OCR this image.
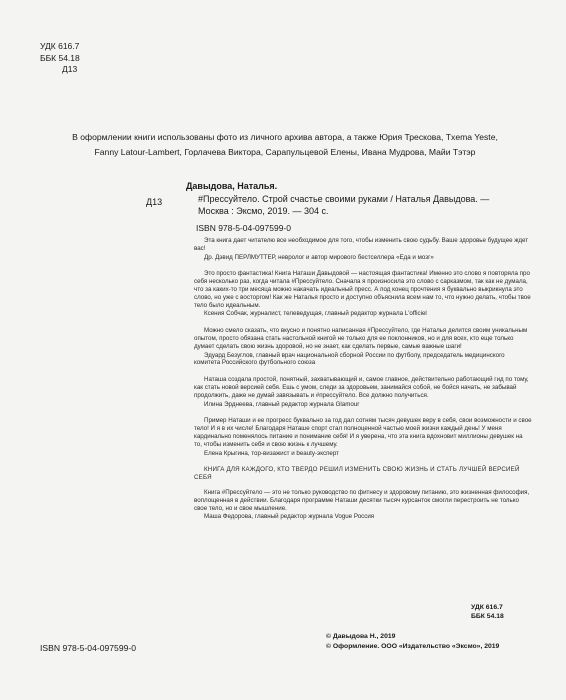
УДК 616.7
ББК 54.18
Д13
В оформлении книги использованы фото из личного архива автора, а также Юрия Трескова, Txema Yeste,
Fanny Latour-Lambert, Горлачева Виктора, Сарапульцевой Елены, Ивана Мудрова, Майи Тэтэр
Д13
Давыдова, Наталья.
#Прессуйтело. Строй счастье своими руками / Наталья Давыдова. —
Москва : Эксмо, 2019. — 304 с.
ISBN 978-5-04-097599-0
Эта книга дает читателю все необходимое для того, чтобы изменить свою судьбу. Ваше здоровье будущее ждет вас!
Др. Дэвид ПЕРЛМУТТЕР, невролог и автор мирового бестселлера «Еда и мозг»
Это просто фантастика! Книга Наташи Давыдовой — настоящая фантастика! Именно это слово я повторяла про себя несколько раз, когда читала #Прессуйтело. Сначала я произносила это слово с сарказмом, так как не думала, что за каких-то три месяца можно накачать идеальный пресс. А под конец прочтения я буквально выкрикнула это слово, но уже с восторгом! Как же Наталья просто и доступно объяснила всем нам то, что нужно делать, чтобы твое тело было идеальным.
Ксения Собчак, журналист, телеведущая, главный редактор журнала L'officiel
Можно смело сказать, что вкусно и понятно написанная #Прессуйтело, где Наталья делится своим уникальным опытом, просто обязана стать настольной книгой не только для ее поклонников, но и для всех, кто еще только думает сделать свою жизнь здоровой, но не знает, как сделать первые, самые важные шаги!
Эдуард Безуглов, главный врач национальной сборной России по футболу, председатель медицинского комитета Российского футбольного союза
Наташа создала простой, понятный, захватывающий и, самое главное, действительно работающий гид по тому, как стать новой версией себя. Ешь с умом, следи за здоровьем, занимайся собой, не бойся начать, не забывай продолжить, даже не думай завязывать и #прессуйтело. Все должно получиться.
Илина Эрднеева, главный редактор журнала Glamour
Пример Наташи и ее прогресс буквально за год дал сотням тысяч девушек веру в себя, свои возможности и свое тело! И я в их числе! Благодаря Наташе спорт стал полноценной частью моей жизни каждый день! У меня кардинально поменялось питание и понимание себя! И я уверена, что эта книга вдохновит миллионы девушек на то, чтобы изменить себя и свою жизнь к лучшему.
Елена Крыгина, тор-визажист и beauty-эксперт
КНИГА ДЛЯ КАЖДОГО, КТО ТВЕРДО РЕШИЛ ИЗМЕНИТЬ СВОЮ ЖИЗНЬ И СТАТЬ ЛУЧШЕЙ ВЕРСИЕЙ СЕБЯ
Книга #Прессуйтело — это не только руководство по фитнесу и здоровому питанию, это жизненная философия, воплощенная в действии. Благодаря программе Наташи десятки тысяч курсанток смогли перестроить не только свое тело, но и свое мышление.
Маша Федорова, главный редактор журнала Vogue Россия
УДК 616.7
ББК 54.18
ISBN 978-5-04-097599-0
© Давыдова Н., 2019
© Оформление. ООО «Издательство «Эксмо», 2019
